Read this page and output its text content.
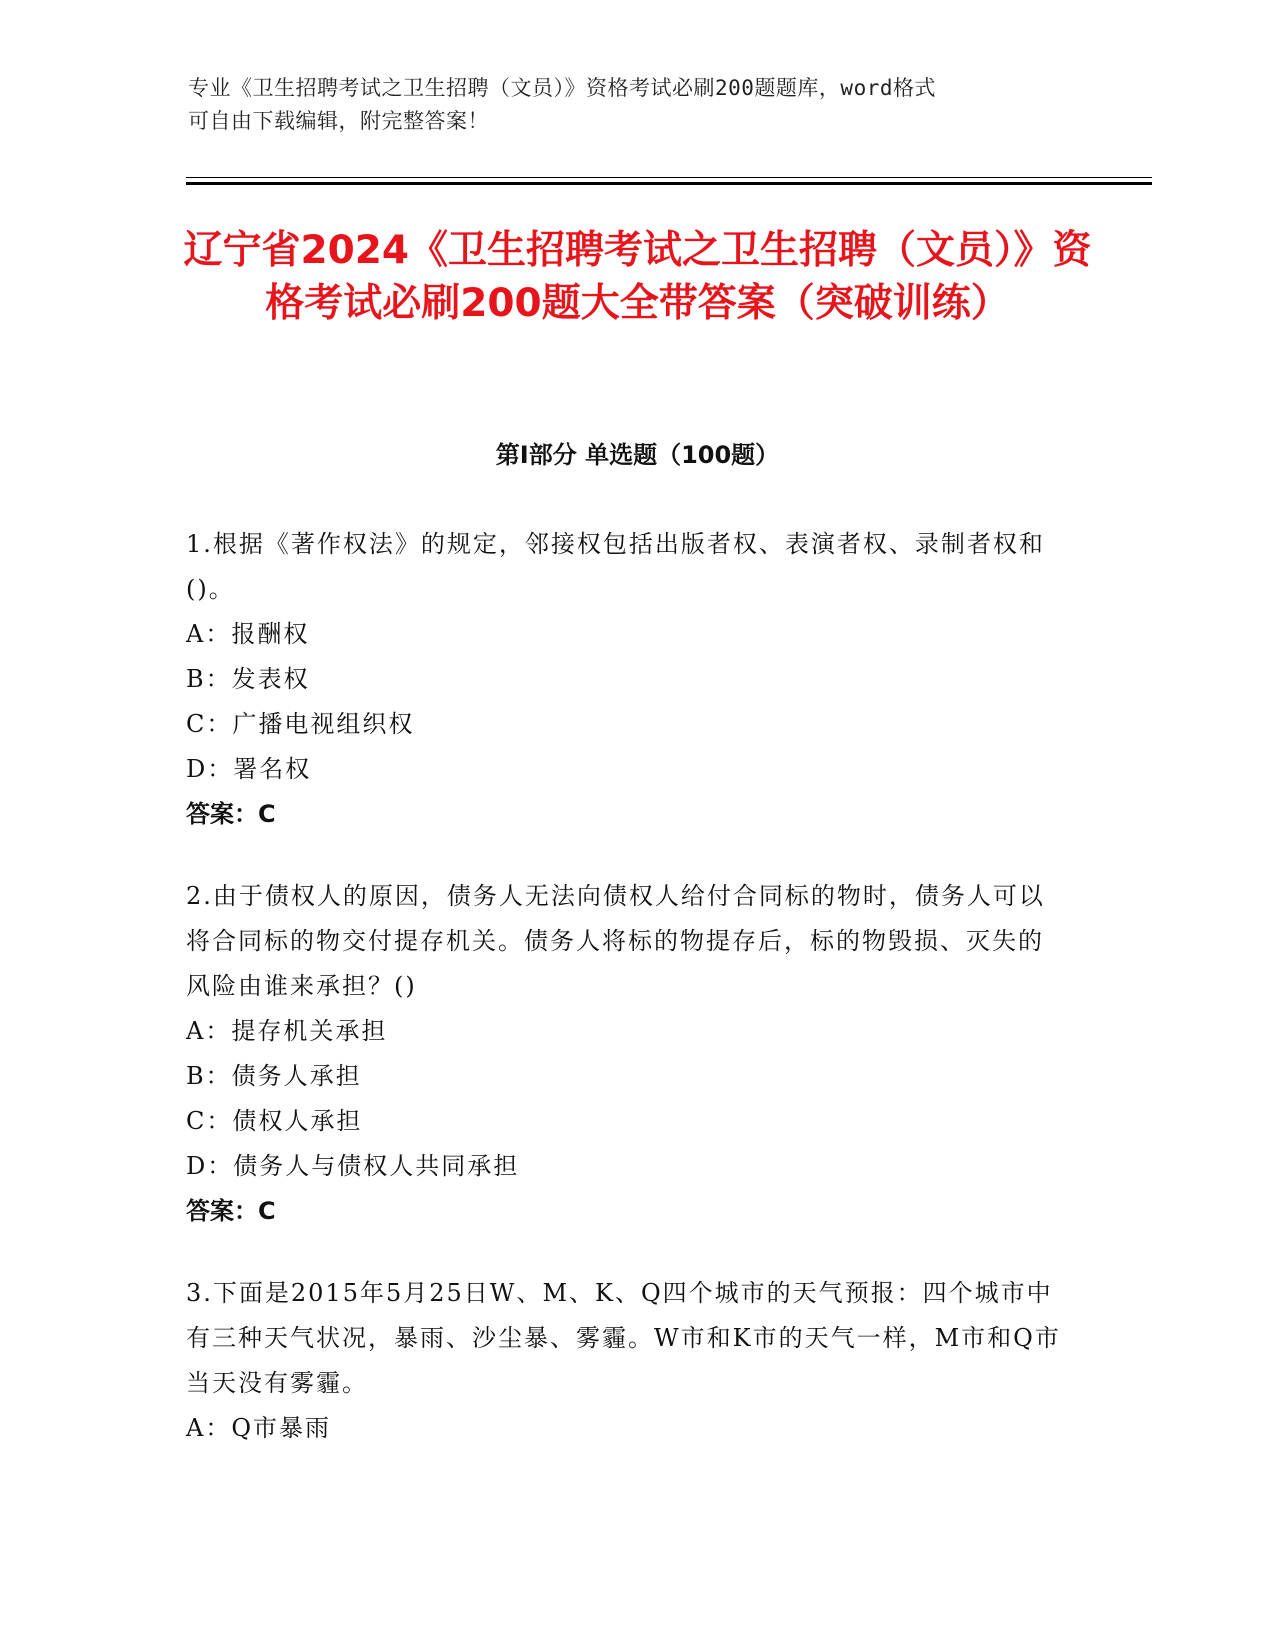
专业《卫生招聘考试之卫生招聘（文员）》资格考试必刷200题题库，word格式

可自由下载编辑，附完整答案！

辽宁省2024《卫生招聘考试之卫生招聘（文员）》资格考试必刷200题大全带答案（突破训练）
第Ⅰ部分 单选题（100题）

1.根据《著作权法》的规定，邻接权包括出版者权、表演者权、录制者权和()。

A：报酬权

B：发表权

C：广播电视组织权

D：署名权

答案：C

2.由于债权人的原因，债务人无法向债权人给付合同标的物时，债务人可以将合同标的物交付提存机关。债务人将标的物提存后，标的物毁损、灭失的风险由谁来承担？()

A：提存机关承担

B：债务人承担

C：债权人承担

D：债务人与债权人共同承担

答案：C

3.下面是2015年5月25日W、M、K、Q四个城市的天气预报：四个城市中有三种天气状况，暴雨、沙尘暴、雾霾。W市和K市的天气一样，M市和Q市当天没有雾霾。

A：Q市暴雨
